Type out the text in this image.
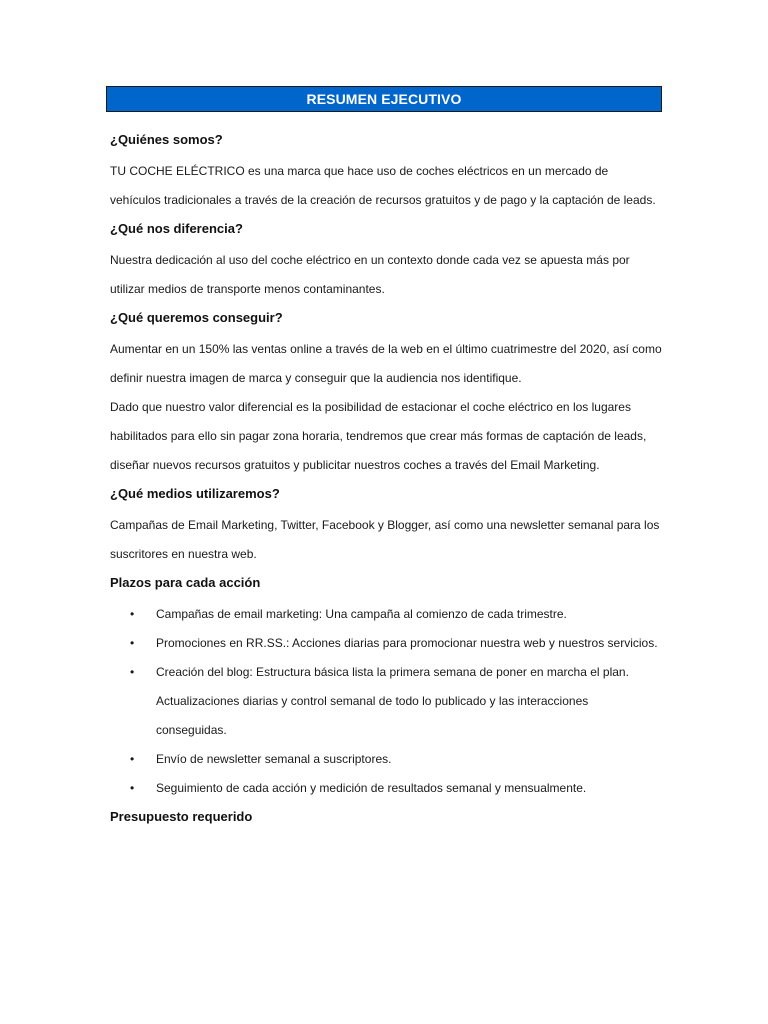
RESUMEN EJECUTIVO

¿Quiénes somos?

TU COCHE ELÉCTRICO es una marca que hace uso de coches eléctricos en un mercado de vehículos tradicionales a través de la creación de recursos gratuitos y de pago y la captación de leads.

¿Qué nos diferencia?

Nuestra dedicación al uso del coche eléctrico en un contexto donde cada vez se apuesta más por utilizar medios de transporte menos contaminantes.

¿Qué queremos conseguir?

Aumentar en un 150% las ventas online a través de la web en el último cuatrimestre del 2020, así como definir nuestra imagen de marca y conseguir que la audiencia nos identifique.

Dado que nuestro valor diferencial es la posibilidad de estacionar el coche eléctrico en los lugares habilitados para ello sin pagar zona horaria, tendremos que crear más formas de captación de leads, diseñar nuevos recursos gratuitos y publicitar nuestros coches a través del Email Marketing.

¿Qué medios utilizaremos?

Campañas de Email Marketing, Twitter, Facebook y Blogger, así como una newsletter semanal para los suscritores en nuestra web.

Plazos para cada acción

• Campañas de email marketing: Una campaña al comienzo de cada trimestre.
• Promociones en RR.SS.: Acciones diarias para promocionar nuestra web y nuestros servicios.
• Creación del blog: Estructura básica lista la primera semana de poner en marcha el plan. Actualizaciones diarias y control semanal de todo lo publicado y las interacciones conseguidas.
• Envío de newsletter semanal a suscriptores.
• Seguimiento de cada acción y medición de resultados semanal y mensualmente.

Presupuesto requerido
